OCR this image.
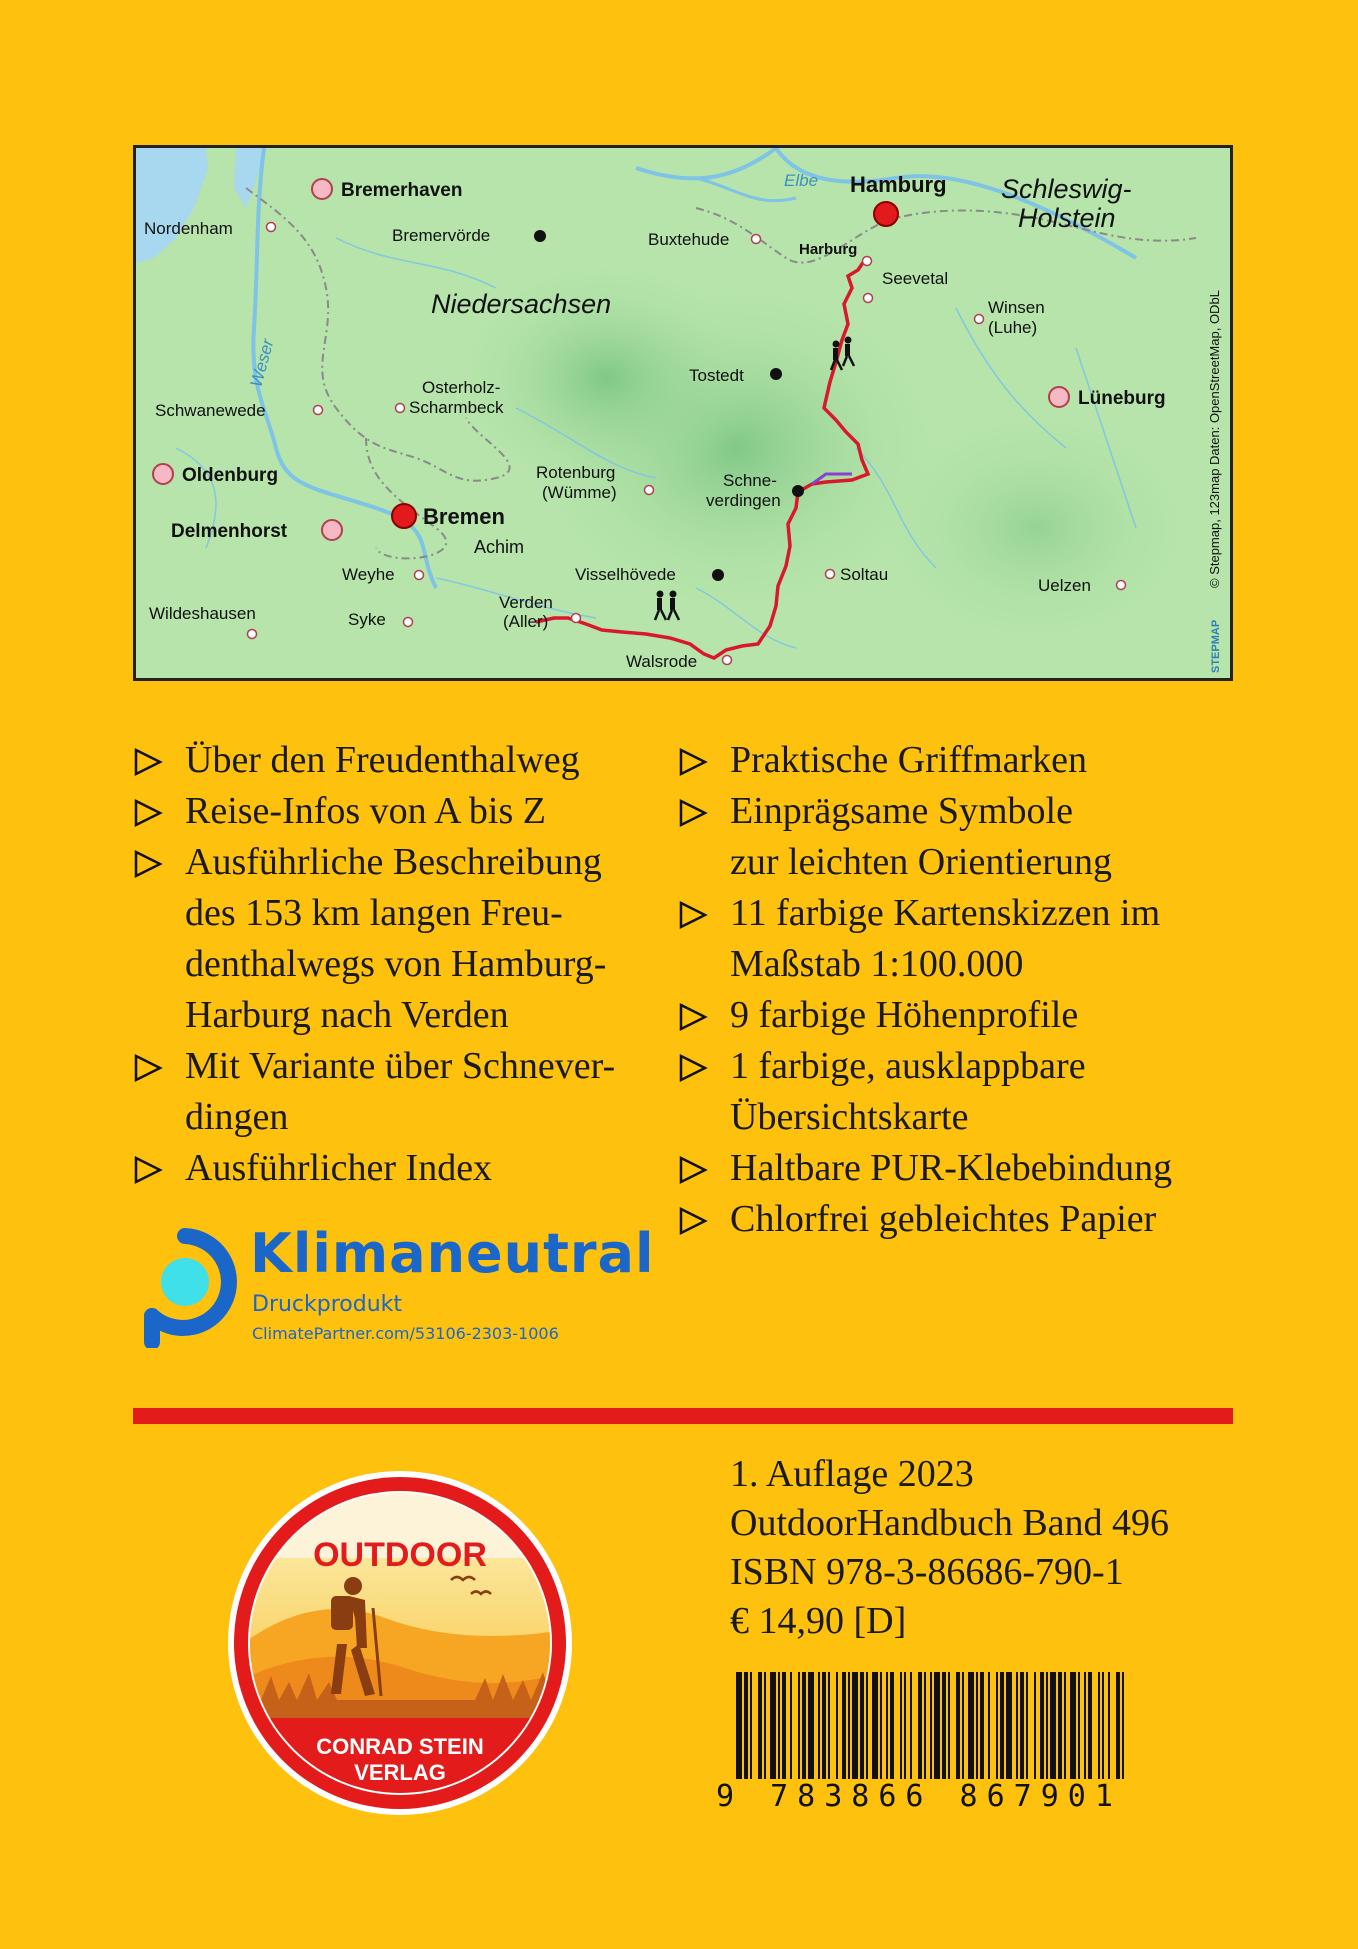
Niedersachsen
Schleswig-
Holstein
Elbe
Weser
Hamburg
Bremen
Bremerhaven
Oldenburg
Delmenhorst
Lüneburg
Nordenham	Bremervörde	Buxtehude
Harburg
Seevetal
Winsen
(Luhe)
Tostedt
Osterholz-
Scharmbeck
Schwanewede
Rotenburg
(Wümme)
Schne-
verdingen
Achim
Weyhe	Visselhövede	Soltau
Uelzen
Wildeshausen	Syke
Verden
(Aller)
Walsrode
© Stepmap, 123map Daten: OpenStreetMap, ODbL
STEPMAP
Über den Freudenthalweg
Reise-Infos von A bis Z
Ausführliche Beschreibung
des 153 km langen Freu-
denthalwegs von Hamburg-
Harburg nach Verden
Mit Variante über Schnever-
dingen
Ausführlicher Index
Praktische Griffmarken
Einprägsame Symbole
zur leichten Orientierung
11 farbige Kartenskizzen im
Maßstab 1:100.000
9 farbige Höhenprofile
1 farbige, ausklappbare
Übersichtskarte
Haltbare PUR-Klebebindung
Chlorfrei gebleichtes Papier
Klimaneutral
Druckprodukt
ClimatePartner.com/53106-2303-1006
OUTDOOR
CONRAD STEIN
VERLAG
1. Auflage 2023
OutdoorHandbuch Band 496
ISBN 978-3-86686-790-1
€ 14,90 [D]
9 783866 867901
